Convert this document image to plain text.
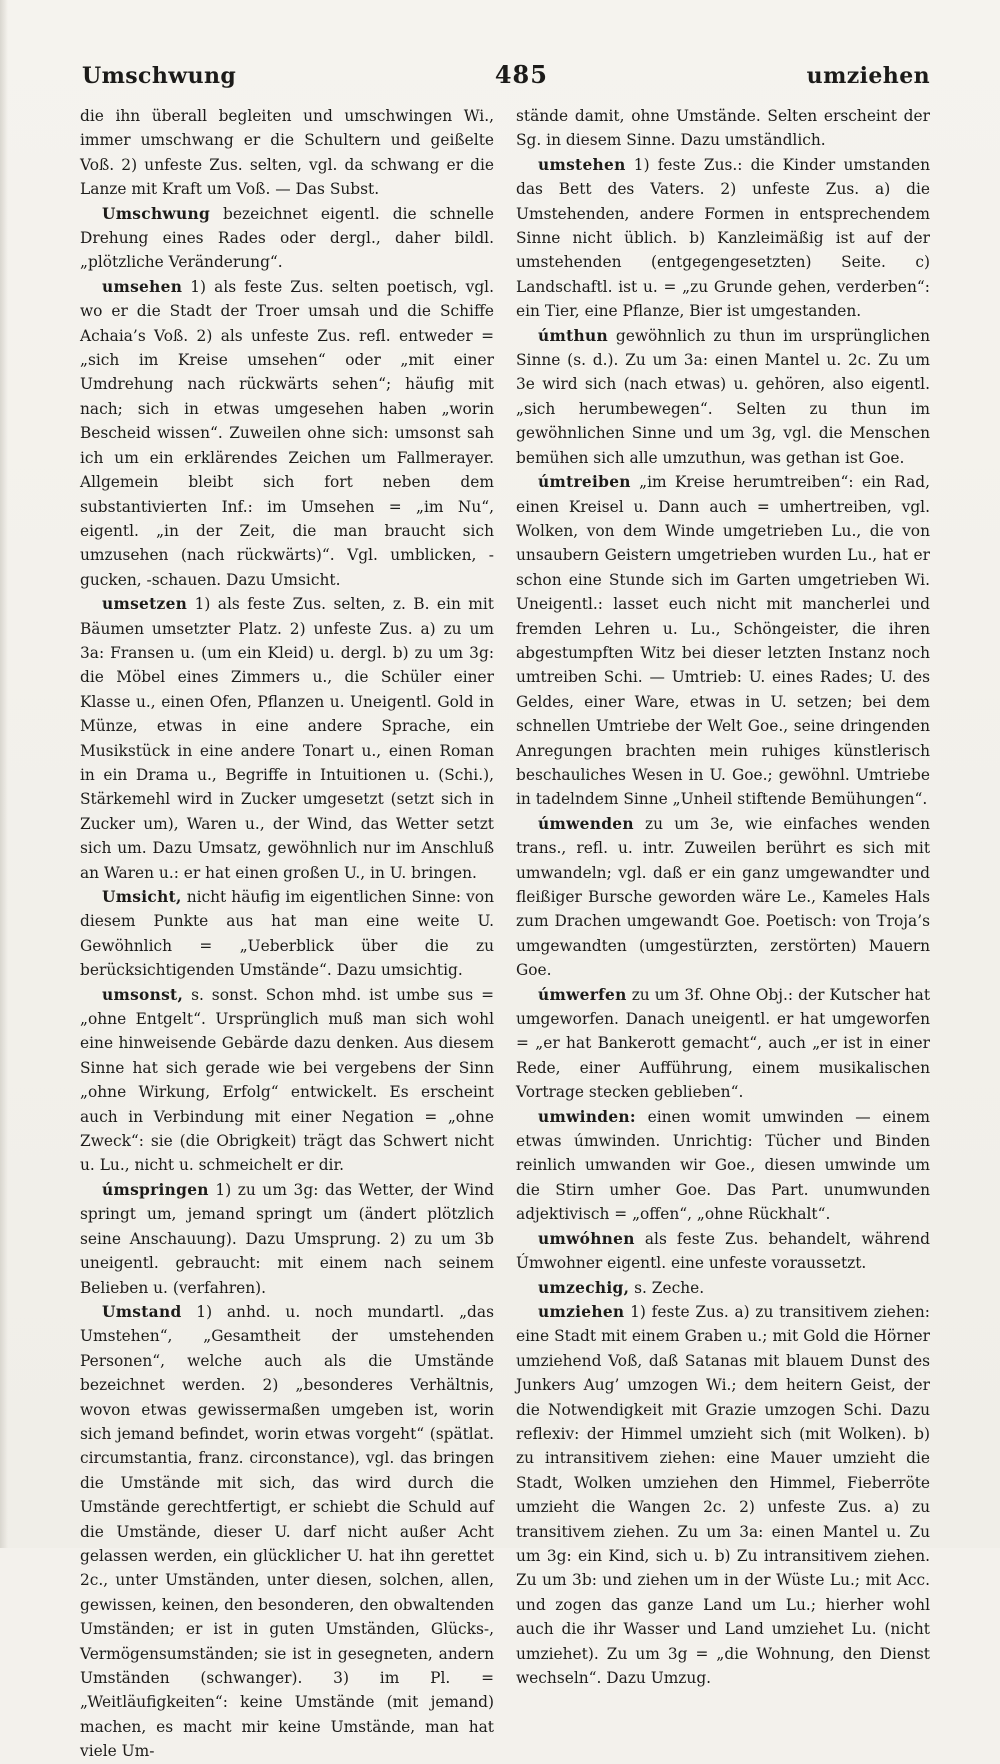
Umschwung	485	umziehen

die ihn überall begleiten und umschwingen Wi., immer umschwang er die Schultern und geißelte Voß. 2) unfeste Zus. selten, vgl. da schwang er die Lanze mit Kraft um Voß. — Das Subst.

Umschwung bezeichnet eigentl. die schnelle Drehung eines Rades oder dergl., daher bildl. „plötzliche Veränderung“.

umsehen 1) als feste Zus. selten poetisch, vgl. wo er die Stadt der Troer umsah und die Schiffe Achaia’s Voß. 2) als unfeste Zus. refl. entweder = „sich im Kreise umsehen“ oder „mit einer Umdrehung nach rückwärts sehen“; häufig mit nach; sich in etwas umgesehen haben „worin Bescheid wissen“. Zuweilen ohne sich: umsonst sah ich um ein erklärendes Zeichen um Fallmerayer. Allgemein bleibt sich fort neben dem substantivierten Inf.: im Umsehen = „im Nu“, eigentl. „in der Zeit, die man braucht sich umzusehen (nach rückwärts)“. Vgl. umblicken, -gucken, -schauen. Dazu Umsicht.

umsetzen 1) als feste Zus. selten, z. B. ein mit Bäumen umsetzter Platz. 2) unfeste Zus. a) zu um 3a: Fransen u. (um ein Kleid) u. dergl. b) zu um 3g: die Möbel eines Zimmers u., die Schüler einer Klasse u., einen Ofen, Pflanzen u. Uneigentl. Gold in Münze, etwas in eine andere Sprache, ein Musikstück in eine andere Tonart u., einen Roman in ein Drama u., Begriffe in Intuitionen u. (Schi.), Stärkemehl wird in Zucker umgesetzt (setzt sich in Zucker um), Waren u., der Wind, das Wetter setzt sich um. Dazu Umsatz, gewöhnlich nur im Anschluß an Waren u.: er hat einen großen U., in U. bringen.

Umsicht, nicht häufig im eigentlichen Sinne: von diesem Punkte aus hat man eine weite U. Gewöhnlich = „Ueberblick über die zu berücksichtigenden Umstände“. Dazu umsichtig.

umsonst, s. sonst. Schon mhd. ist umbe sus = „ohne Entgelt“. Ursprünglich muß man sich wohl eine hinweisende Gebärde dazu denken. Aus diesem Sinne hat sich gerade wie bei vergebens der Sinn „ohne Wirkung, Erfolg“ entwickelt. Es erscheint auch in Verbindung mit einer Negation = „ohne Zweck“: sie (die Obrigkeit) trägt das Schwert nicht u. Lu., nicht u. schmeichelt er dir.

úmspringen 1) zu um 3g: das Wetter, der Wind springt um, jemand springt um (ändert plötzlich seine Anschauung). Dazu Umsprung. 2) zu um 3b uneigentl. gebraucht: mit einem nach seinem Belieben u. (verfahren).

Umstand 1) anhd. u. noch mundartl. „das Umstehen“, „Gesamtheit der umstehenden Personen“, welche auch als die Umstände bezeichnet werden. 2) „besonderes Verhältnis, wovon etwas gewissermaßen umgeben ist, worin sich jemand befindet, worin etwas vorgeht“ (spätlat. circumstantia, franz. circonstance), vgl. das bringen die Umstände mit sich, das wird durch die Umstände gerechtfertigt, er schiebt die Schuld auf die Umstände, dieser U. darf nicht außer Acht gelassen werden, ein glücklicher U. hat ihn gerettet 2c., unter Umständen, unter diesen, solchen, allen, gewissen, keinen, den besonderen, den obwaltenden Umständen; er ist in guten Umständen, Glücks-, Vermögensumständen; sie ist in gesegneten, andern Umständen (schwanger). 3) im Pl. = „Weitläufigkeiten“: keine Umstände (mit jemand) machen, es macht mir keine Umstände, man hat viele Um-

stände damit, ohne Umstände. Selten erscheint der Sg. in diesem Sinne. Dazu umständlich.

umstehen 1) feste Zus.: die Kinder umstanden das Bett des Vaters. 2) unfeste Zus. a) die Umstehenden, andere Formen in entsprechendem Sinne nicht üblich. b) Kanzleimäßig ist auf der umstehenden (entgegengesetzten) Seite. c) Landschaftl. ist u. = „zu Grunde gehen, verderben“: ein Tier, eine Pflanze, Bier ist umgestanden.

úmthun gewöhnlich zu thun im ursprünglichen Sinne (s. d.). Zu um 3a: einen Mantel u. 2c. Zu um 3e wird sich (nach etwas) u. gehören, also eigentl. „sich herumbewegen“. Selten zu thun im gewöhnlichen Sinne und um 3g, vgl. die Menschen bemühen sich alle umzuthun, was gethan ist Goe.

úmtreiben „im Kreise herumtreiben“: ein Rad, einen Kreisel u. Dann auch = umhertreiben, vgl. Wolken, von dem Winde umgetrieben Lu., die von unsaubern Geistern umgetrieben wurden Lu., hat er schon eine Stunde sich im Garten umgetrieben Wi. Uneigentl.: lasset euch nicht mit mancherlei und fremden Lehren u. Lu., Schöngeister, die ihren abgestumpften Witz bei dieser letzten Instanz noch umtreiben Schi. — Umtrieb: U. eines Rades; U. des Geldes, einer Ware, etwas in U. setzen; bei dem schnellen Umtriebe der Welt Goe., seine dringenden Anregungen brachten mein ruhiges künstlerisch beschauliches Wesen in U. Goe.; gewöhnl. Umtriebe in tadelndem Sinne „Unheil stiftende Bemühungen“.

úmwenden zu um 3e, wie einfaches wenden trans., refl. u. intr. Zuweilen berührt es sich mit umwandeln; vgl. daß er ein ganz umgewandter und fleißiger Bursche geworden wäre Le., Kameles Hals zum Drachen umgewandt Goe. Poetisch: von Troja’s umgewandten (umgestürzten, zerstörten) Mauern Goe.

úmwerfen zu um 3f. Ohne Obj.: der Kutscher hat umgeworfen. Danach uneigentl. er hat umgeworfen = „er hat Bankerott gemacht“, auch „er ist in einer Rede, einer Aufführung, einem musikalischen Vortrage stecken geblieben“.

umwinden: einen womit umwinden — einem etwas úmwinden. Unrichtig: Tücher und Binden reinlich umwanden wir Goe., diesen umwinde um die Stirn umher Goe. Das Part. unumwunden adjektivisch = „offen“, „ohne Rückhalt“.

umwóhnen als feste Zus. behandelt, während Úmwohner eigentl. eine unfeste voraussetzt.

umzechig, s. Zeche.

umziehen 1) feste Zus. a) zu transitivem ziehen: eine Stadt mit einem Graben u.; mit Gold die Hörner umziehend Voß, daß Satanas mit blauem Dunst des Junkers Aug’ umzogen Wi.; dem heitern Geist, der die Notwendigkeit mit Grazie umzogen Schi. Dazu reflexiv: der Himmel umzieht sich (mit Wolken). b) zu intransitivem ziehen: eine Mauer umzieht die Stadt, Wolken umziehen den Himmel, Fieberröte umzieht die Wangen 2c. 2) unfeste Zus. a) zu transitivem ziehen. Zu um 3a: einen Mantel u. Zu um 3g: ein Kind, sich u. b) Zu intransitivem ziehen. Zu um 3b: und ziehen um in der Wüste Lu.; mit Acc. und zogen das ganze Land um Lu.; hierher wohl auch die ihr Wasser und Land umziehet Lu. (nicht umziehet). Zu um 3g = „die Wohnung, den Dienst wechseln“. Dazu Umzug.
